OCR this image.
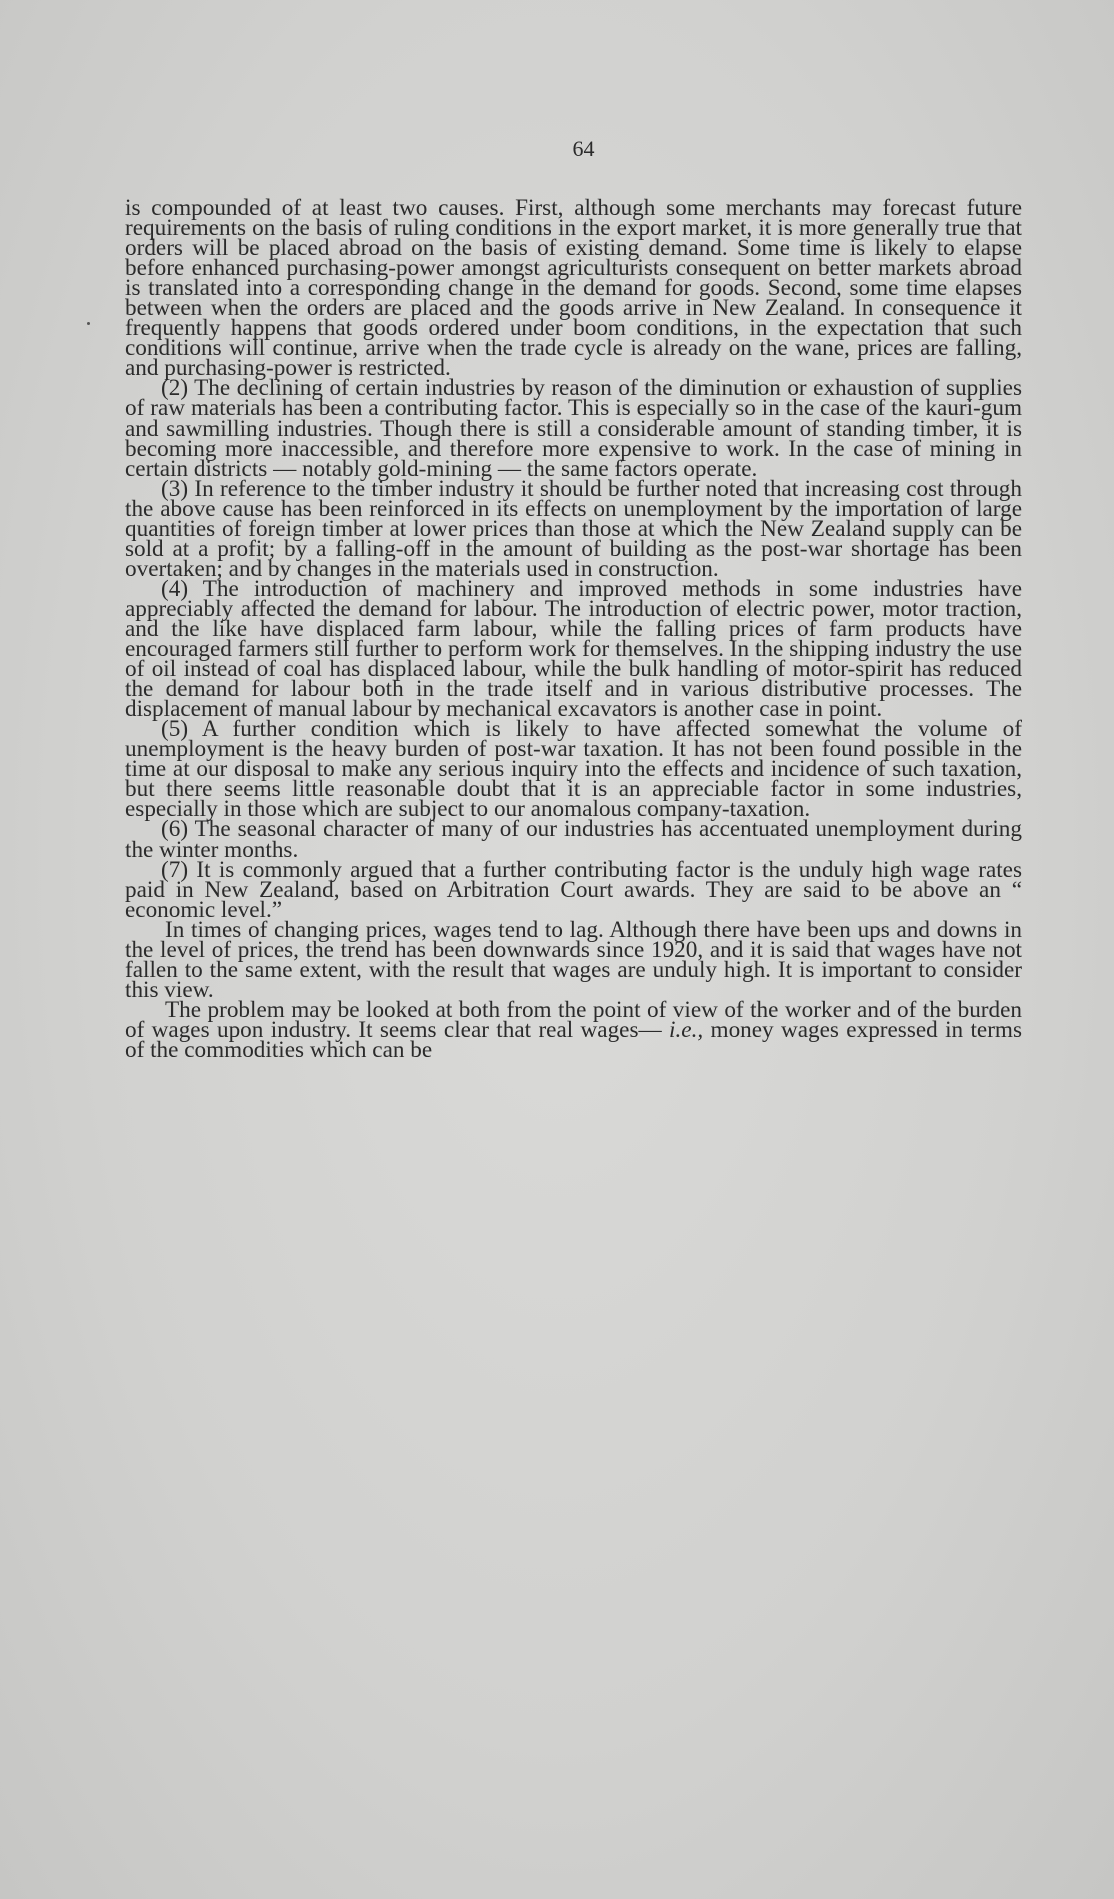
64

is compounded of at least two causes. First, although some merchants may forecast future requirements on the basis of ruling conditions in the export market, it is more generally true that orders will be placed abroad on the basis of existing demand. Some time is likely to elapse before enhanced purchasing-power amongst agriculturists consequent on better markets abroad is translated into a corresponding change in the demand for goods. Second, some time elapses between when the orders are placed and the goods arrive in New Zealand. In consequence it frequently happens that goods ordered under boom conditions, in the expectation that such conditions will continue, arrive when the trade cycle is already on the wane, prices are falling, and purchasing-power is restricted.

(2) The declining of certain industries by reason of the diminution or exhaustion of supplies of raw materials has been a contributing factor. This is especially so in the case of the kauri-gum and sawmilling industries. Though there is still a considerable amount of standing timber, it is becoming more inaccessible, and therefore more expensive to work. In the case of mining in certain districts — notably gold-mining — the same factors operate.

(3) In reference to the timber industry it should be further noted that increasing cost through the above cause has been reinforced in its effects on unemployment by the importation of large quantities of foreign timber at lower prices than those at which the New Zealand supply can be sold at a profit; by a falling-off in the amount of building as the post-war shortage has been overtaken; and by changes in the materials used in construction.

(4) The introduction of machinery and improved methods in some industries have appreciably affected the demand for labour. The introduction of electric power, motor traction, and the like have displaced farm labour, while the falling prices of farm products have encouraged farmers still further to perform work for themselves. In the shipping industry the use of oil instead of coal has displaced labour, while the bulk handling of motor-spirit has reduced the demand for labour both in the trade itself and in various distributive processes. The displacement of manual labour by mechanical excavators is another case in point.

(5) A further condition which is likely to have affected somewhat the volume of unemployment is the heavy burden of post-war taxation. It has not been found possible in the time at our disposal to make any serious inquiry into the effects and incidence of such taxation, but there seems little reasonable doubt that it is an appreciable factor in some industries, especially in those which are subject to our anomalous company-taxation.

(6) The seasonal character of many of our industries has accentuated unemployment during the winter months.

(7) It is commonly argued that a further contributing factor is the unduly high wage rates paid in New Zealand, based on Arbitration Court awards. They are said to be above an “ economic level.”

In times of changing prices, wages tend to lag. Although there have been ups and downs in the level of prices, the trend has been downwards since 1920, and it is said that wages have not fallen to the same extent, with the result that wages are unduly high. It is important to consider this view.

The problem may be looked at both from the point of view of the worker and of the burden of wages upon industry. It seems clear that real wages— i.e., money wages expressed in terms of the commodities which can be
